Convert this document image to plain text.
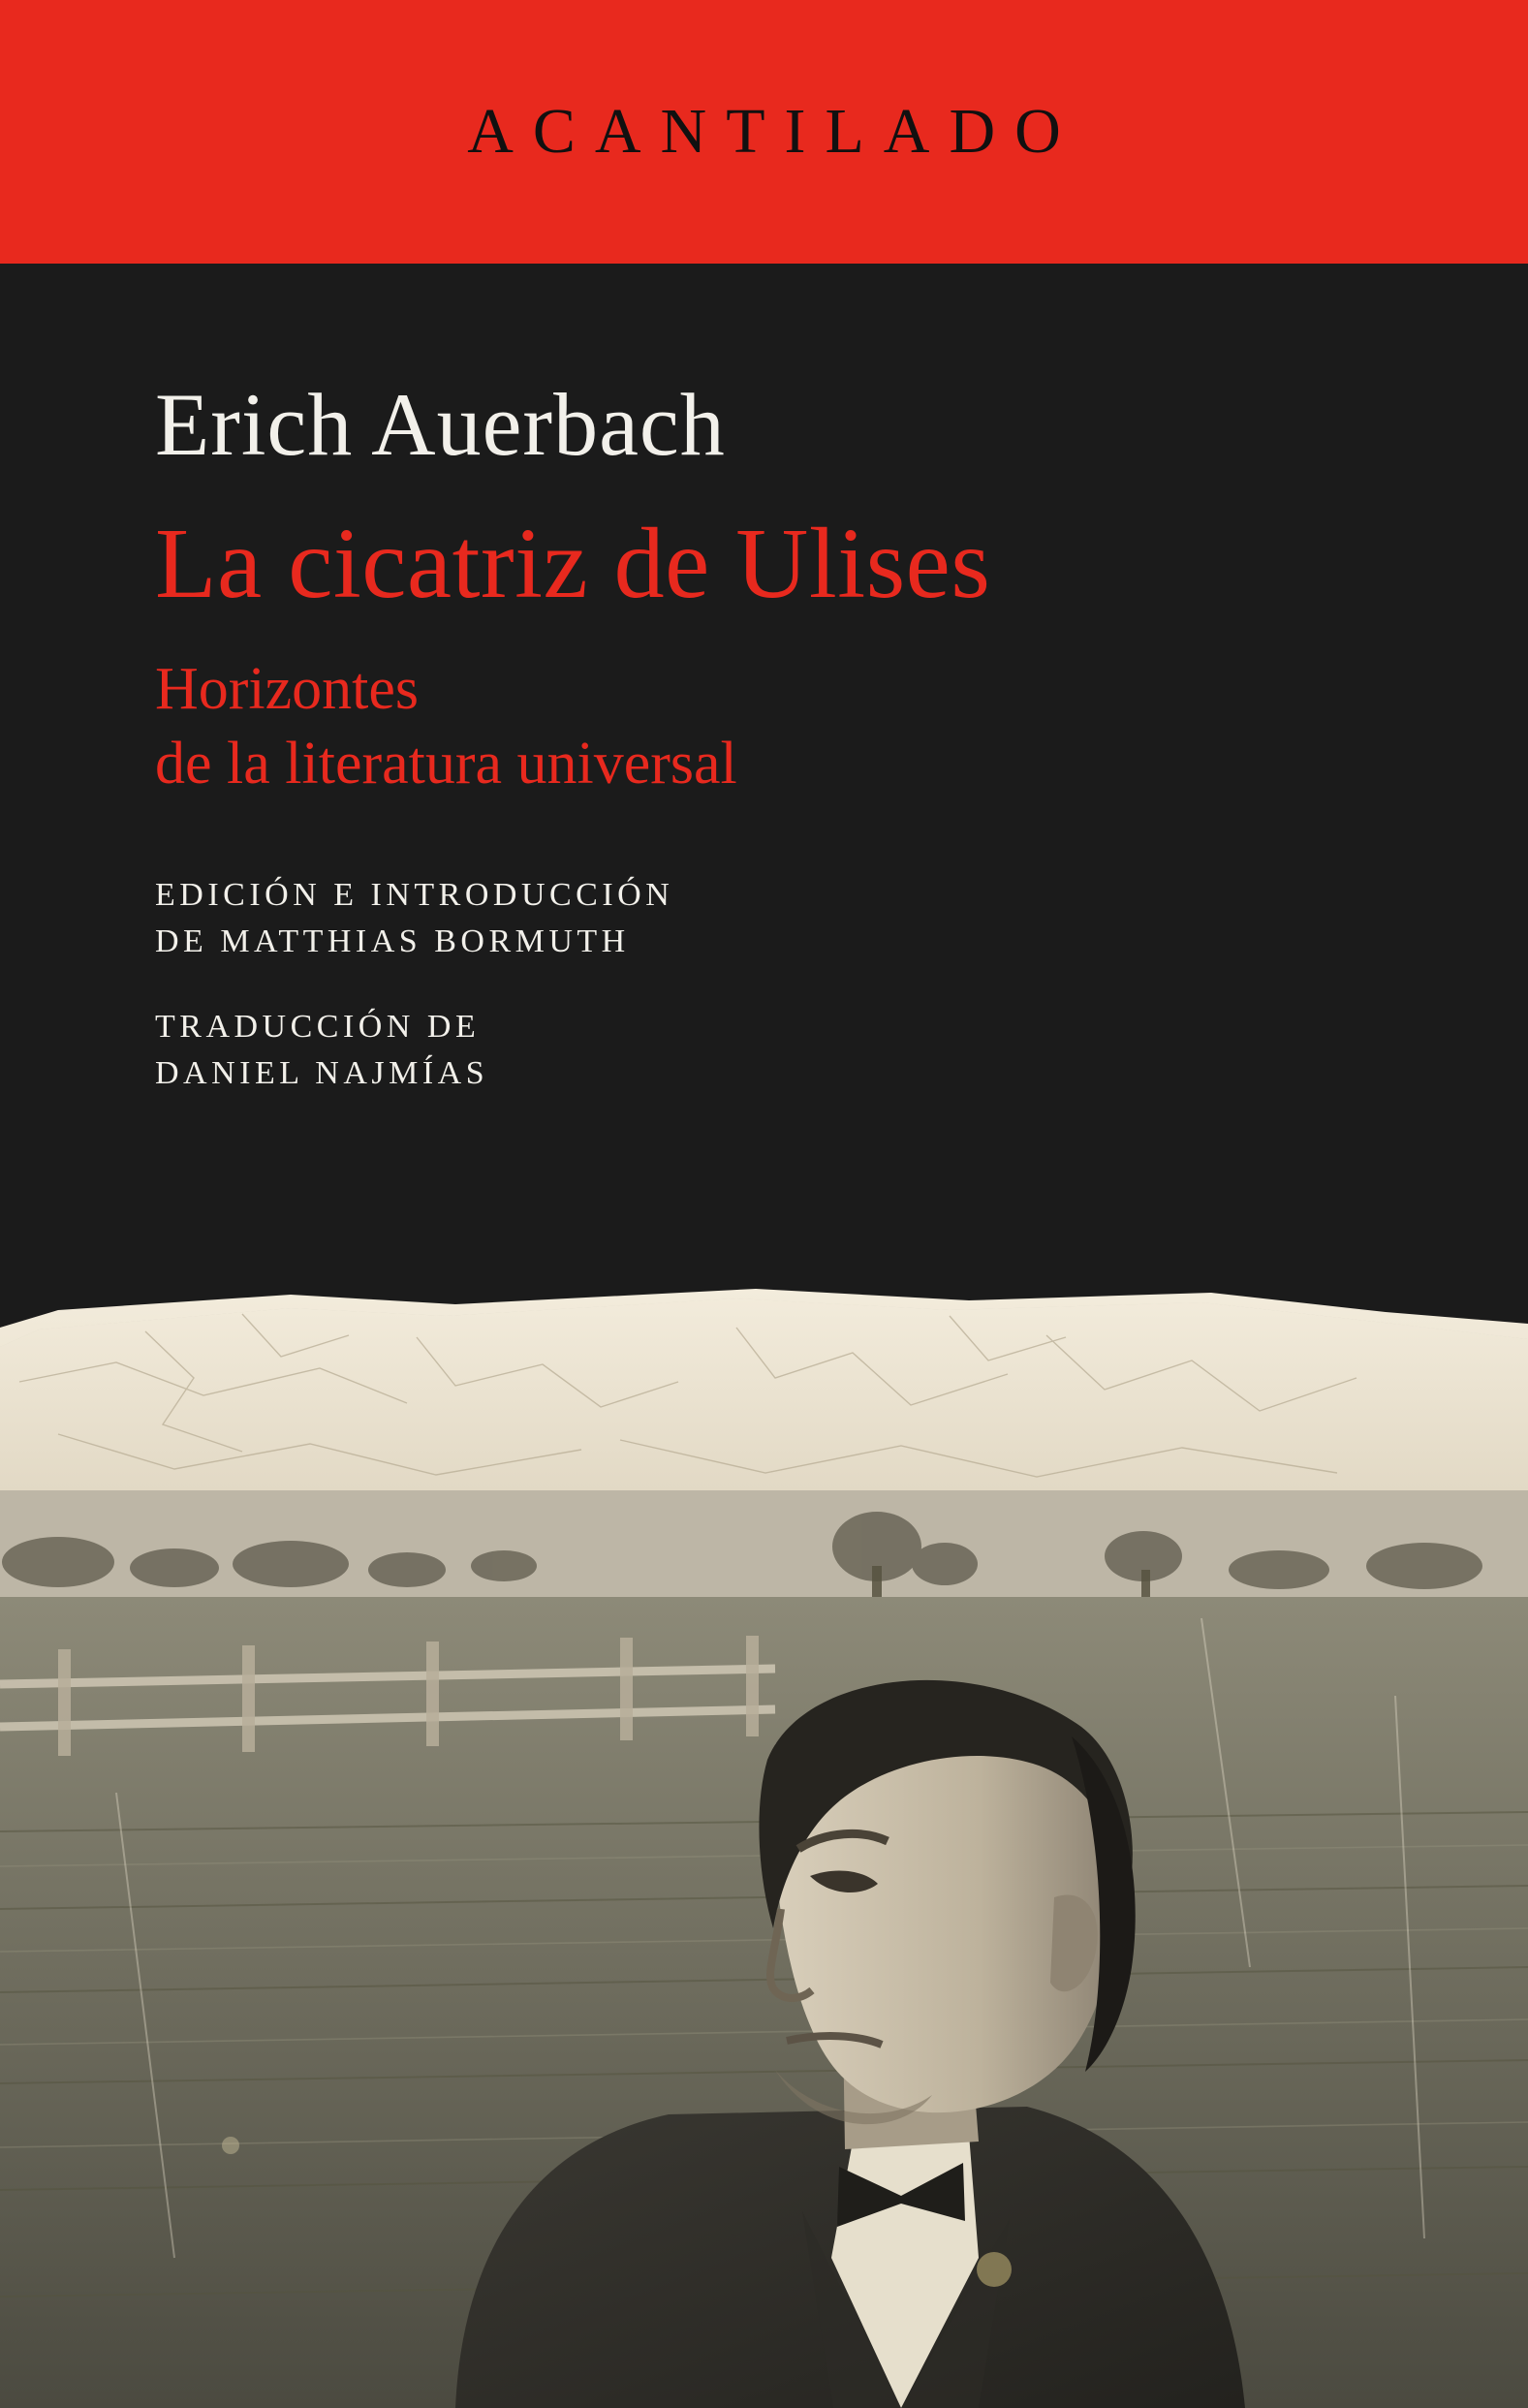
ACANTILADO
Erich Auerbach
La cicatriz de Ulises
Horizontes
de la literatura universal
EDICIÓN E INTRODUCCIÓN
DE MATTHIAS BORMUTH
TRADUCCIÓN DE
DANIEL NAJMÍAS
